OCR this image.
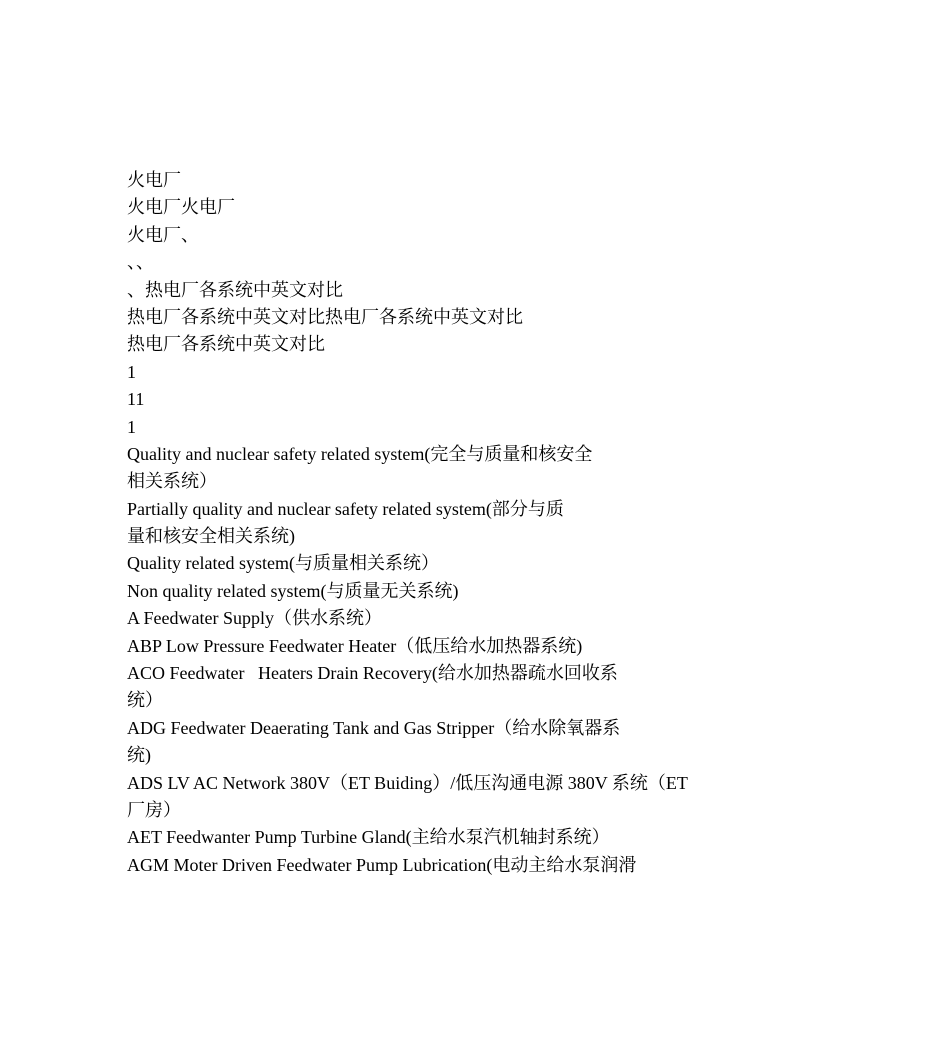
火电厂
火电厂火电厂
火电厂、
、、
、热电厂各系统中英文对比
热电厂各系统中英文对比热电厂各系统中英文对比
热电厂各系统中英文对比
1
11
1
Quality and nuclear safety related system(完全与质量和核安全
相关系统）
Partially quality and nuclear safety related system(部分与质
量和核安全相关系统)
Quality related system(与质量相关系统）
Non quality related system(与质量无关系统)
A Feedwater Supply（供水系统）
ABP Low Pressure Feedwater Heater（低压给水加热器系统)
ACO Feedwater   Heaters Drain Recovery(给水加热器疏水回收系
统）
ADG Feedwater Deaerating Tank and Gas Stripper（给水除氧器系
统)
ADS LV AC Network 380V（ET Buiding）/低压沟通电源 380V 系统（ET
厂房）
AET Feedwanter Pump Turbine Gland(主给水泵汽机轴封系统）
AGM Moter Driven Feedwater Pump Lubrication(电动主给水泵润滑
